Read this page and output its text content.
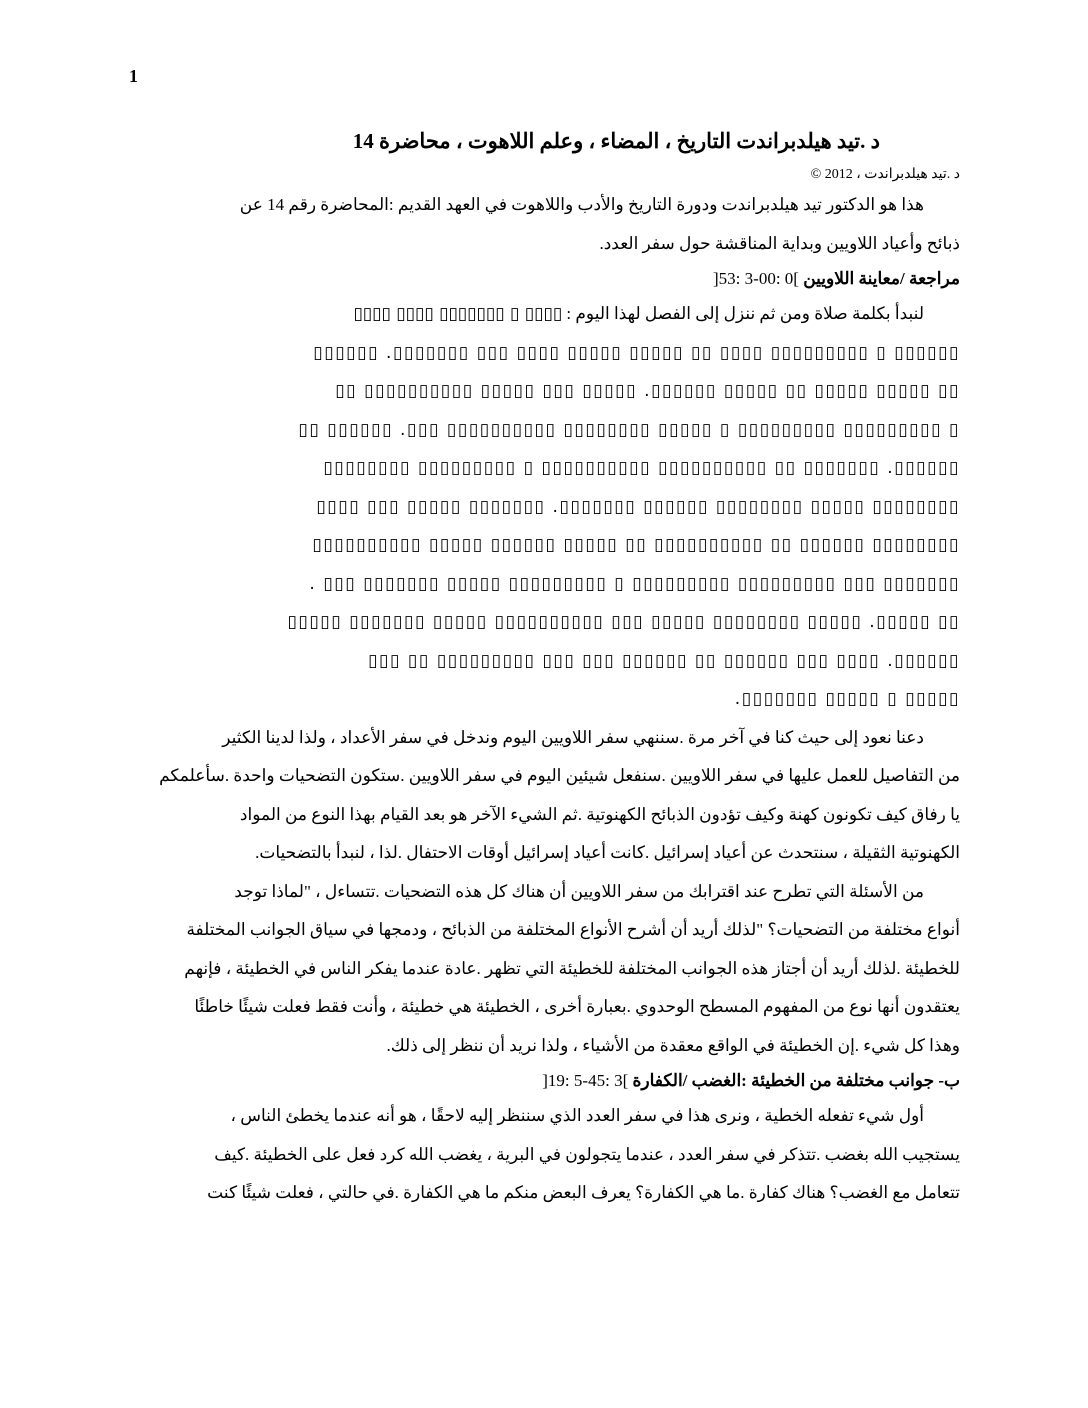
1
د .تيد هيلدبراندت التاريخ ، المضاء ، وعلم اللاهوت ، محاضرة 14
د .تيد هيلدبراندت ، 2012 ©
هذا هو الدكتور تيد هيلدبراندت ودورة التاريخ والأدب واللاهوت في العهد القديم :المحاضرة رقم 14 عن
ذبائح وأعياد اللاويين وبداية المناقشة حول سفر العدد.
مراجعة /معاينة اللاويين ]0 :00-3 :53[
لنبدأ بكلمة صلاة ومن ثم ننزل إلى الفصل لهذا اليوم : ▯▯▯▯ ▯ ▯▯▯▯▯▯▯ ▯▯▯▯ ▯▯▯▯
▯▯▯▯▯▯ ▯ ▯▯▯▯▯▯▯▯▯ ▯▯▯▯ ▯▯ ▯▯▯▯▯ ▯▯▯▯▯ ▯▯▯▯ ▯▯▯ ▯▯▯▯▯▯▯. ▯▯▯▯▯▯
▯▯ ▯▯▯▯▯ ▯▯▯▯▯ ▯▯ ▯▯▯▯▯ ▯▯▯▯▯▯. ▯▯▯▯▯ ▯▯▯ ▯▯▯▯▯ ▯▯▯▯▯▯▯▯▯▯ ▯▯
▯ ▯▯▯▯▯▯▯▯▯ ▯▯▯▯▯▯▯▯▯ ▯ ▯▯▯▯▯ ▯▯▯▯▯▯▯▯ ▯▯▯▯▯▯▯▯▯▯ ▯▯▯. ▯▯▯▯▯▯ ▯▯
▯▯▯▯▯▯. ▯▯▯▯▯▯▯ ▯▯ ▯▯▯▯▯▯▯▯▯▯ ▯▯▯▯▯▯▯▯▯▯ ▯ ▯▯▯▯▯▯▯▯▯ ▯▯▯▯▯▯▯▯
▯▯▯▯▯▯▯▯ ▯▯▯▯▯ ▯▯▯▯▯▯▯▯ ▯▯▯▯▯▯ ▯▯▯▯▯▯▯. ▯▯▯▯▯▯▯ ▯▯▯▯▯ ▯▯▯ ▯▯▯▯
▯▯▯▯▯▯▯▯ ▯▯▯▯▯▯ ▯▯ ▯▯▯▯▯▯▯▯▯▯ ▯▯ ▯▯▯▯▯ ▯▯▯▯▯▯ ▯▯▯▯▯ ▯▯▯▯▯▯▯▯▯▯
▯▯▯▯▯▯▯ ▯▯▯ ▯▯▯▯▯▯▯▯▯ ▯▯▯▯▯▯▯▯▯ ▯ ▯▯▯▯▯▯▯▯▯ ▯▯▯▯▯ ▯▯▯▯▯▯▯ ▯▯▯ .
▯▯ ▯▯▯▯▯. ▯▯▯▯▯ ▯▯▯▯▯▯▯▯ ▯▯▯▯▯ ▯▯▯ ▯▯▯▯▯▯▯▯▯▯ ▯▯▯▯▯ ▯▯▯▯▯▯▯ ▯▯▯▯▯
▯▯▯▯▯▯. ▯▯▯▯ ▯▯▯ ▯▯▯▯▯▯ ▯▯ ▯▯▯▯▯▯ ▯▯▯ ▯▯▯ ▯▯▯▯▯▯▯▯▯ ▯▯ ▯▯▯
▯▯▯▯▯ ▯ ▯▯▯▯▯ ▯▯▯▯▯▯▯.
دعنا نعود إلى حيث كنا في آخر مرة .سننهي سفر اللاويين اليوم وندخل في سفر الأعداد ، ولذا لدينا الكثير
من التفاصيل للعمل عليها في سفر اللاويين .سنفعل شيئين اليوم في سفر اللاويين .ستكون التضحيات واحدة .سأعلمكم
يا رفاق كيف تكونون كهنة وكيف تؤدون الذبائح الكهنوتية .ثم الشيء الآخر هو بعد القيام بهذا النوع من المواد
الكهنوتية الثقيلة ، سنتحدث عن أعياد إسرائيل .كانت أعياد إسرائيل أوقات الاحتفال .لذا ، لنبدأ بالتضحيات.
من الأسئلة التي تطرح عند اقترابك من سفر اللاويين أن هناك كل هذه التضحيات .تتساءل ، "لماذا توجد
أنواع مختلفة من التضحيات؟ "لذلك أريد أن أشرح الأنواع المختلفة من الذبائح ، ودمجها في سياق الجوانب المختلفة
للخطيئة .لذلك أريد أن أجتاز هذه الجوانب المختلفة للخطيئة التي تظهر .عادة عندما يفكر الناس في الخطيئة ، فإنهم
يعتقدون أنها نوع من المفهوم المسطح الوحدوي .بعبارة أخرى ، الخطيئة هي خطيئة ، وأنت فقط فعلت شيئًا خاطئًا
وهذا كل شيء .إن الخطيئة في الواقع معقدة من الأشياء ، ولذا نريد أن ننظر إلى ذلك.
ب- جوانب مختلفة من الخطيئة :الغضب /الكفارة ]3 :45-5 :19[
أول شيء تفعله الخطية ، ونرى هذا في سفر العدد الذي سننظر إليه لاحقًا ، هو أنه عندما يخطئ الناس ،
يستجيب الله بغضب .تتذكر في سفر العدد ، عندما يتجولون في البرية ، يغضب الله كرد فعل على الخطيئة .كيف
تتعامل مع الغضب؟ هناك كفارة .ما هي الكفارة؟ يعرف البعض منكم ما هي الكفارة .في حالتي ، فعلت شيئًا كنت
